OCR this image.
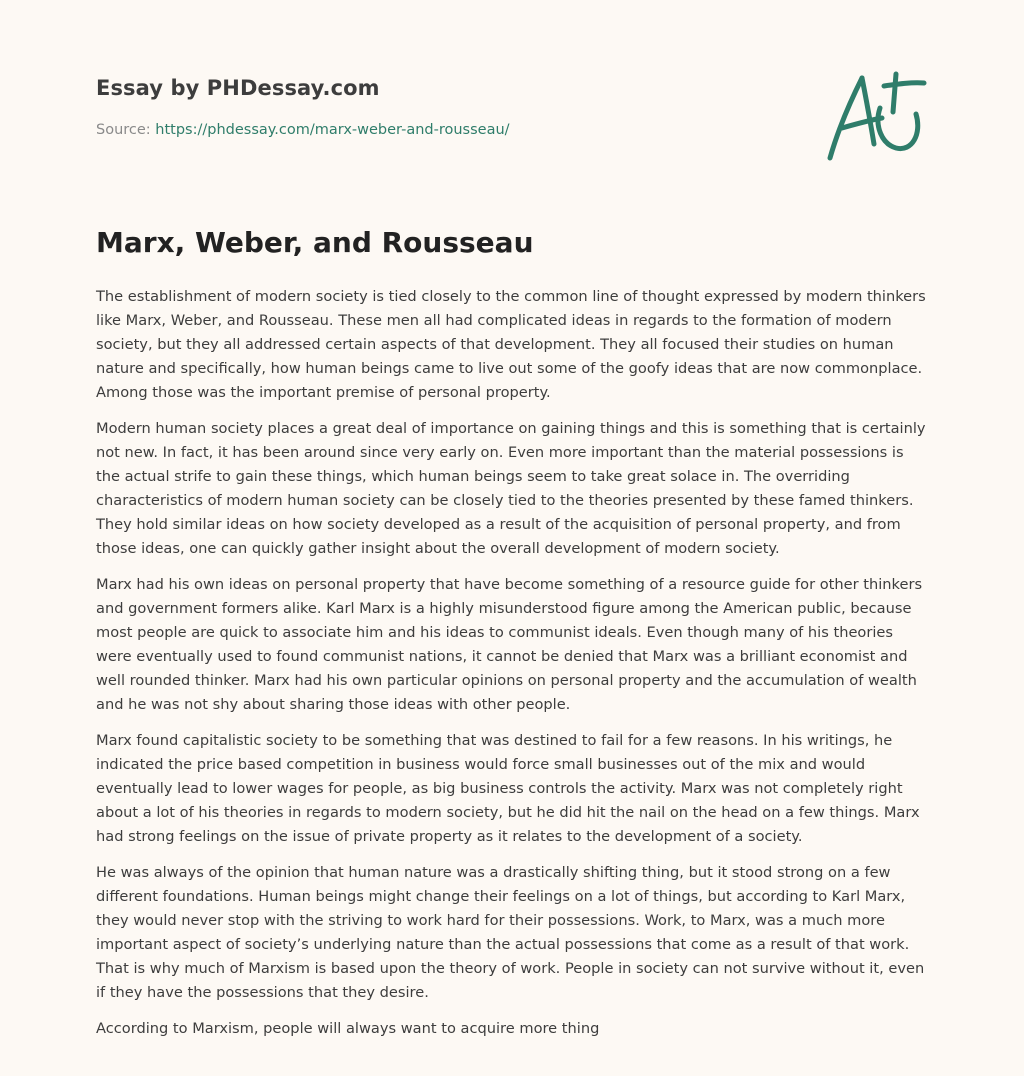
Essay by PHDessay.com

Source: https://phdessay.com/marx-weber-and-rousseau/
Marx, Weber, and Rousseau

The establishment of modern society is tied closely to the common line of thought expressed by modern thinkers like Marx, Weber, and Rousseau. These men all had complicated ideas in regards to the formation of modern society, but they all addressed certain aspects of that development. They all focused their studies on human nature and specifically, how human beings came to live out some of the goofy ideas that are now commonplace. Among those was the important premise of personal property.

Modern human society places a great deal of importance on gaining things and this is something that is certainly not new. In fact, it has been around since very early on. Even more important than the material possessions is the actual strife to gain these things, which human beings seem to take great solace in. The overriding characteristics of modern human society can be closely tied to the theories presented by these famed thinkers. They hold similar ideas on how society developed as a result of the acquisition of personal property, and from those ideas, one can quickly gather insight about the overall development of modern society.

Marx had his own ideas on personal property that have become something of a resource guide for other thinkers and government formers alike. Karl Marx is a highly misunderstood figure among the American public, because most people are quick to associate him and his ideas to communist ideals. Even though many of his theories were eventually used to found communist nations, it cannot be denied that Marx was a brilliant economist and well rounded thinker. Marx had his own particular opinions on personal property and the accumulation of wealth and he was not shy about sharing those ideas with other people.

Marx found capitalistic society to be something that was destined to fail for a few reasons. In his writings, he indicated the price based competition in business would force small businesses out of the mix and would eventually lead to lower wages for people, as big business controls the activity. Marx was not completely right about a lot of his theories in regards to modern society, but he did hit the nail on the head on a few things. Marx had strong feelings on the issue of private property as it relates to the development of a society.

He was always of the opinion that human nature was a drastically shifting thing, but it stood strong on a few different foundations. Human beings might change their feelings on a lot of things, but according to Karl Marx, they would never stop with the striving to work hard for their possessions. Work, to Marx, was a much more important aspect of society’s underlying nature than the actual possessions that come as a result of that work. That is why much of Marxism is based upon the theory of work. People in society can not survive without it, even if they have the possessions that they desire.

According to Marxism, people will always want to acquire more thing
